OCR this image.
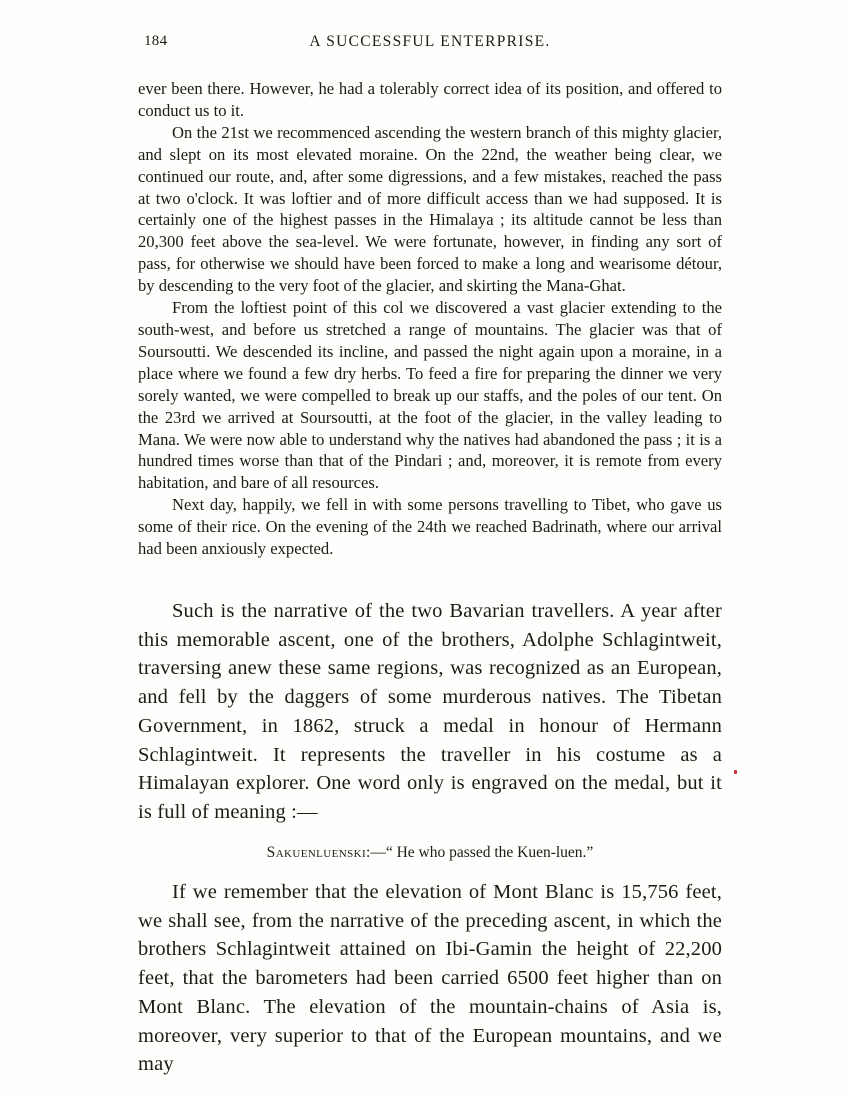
184	A SUCCESSFUL ENTERPRISE.

ever been there. However, he had a tolerably correct idea of its position, and offered to conduct us to it.

On the 21st we recommenced ascending the western branch of this mighty glacier, and slept on its most elevated moraine. On the 22nd, the weather being clear, we continued our route, and, after some digressions, and a few mistakes, reached the pass at two o'clock. It was loftier and of more difficult access than we had supposed. It is certainly one of the highest passes in the Himalaya ; its altitude cannot be less than 20,300 feet above the sea-level. We were fortunate, however, in finding any sort of pass, for otherwise we should have been forced to make a long and wearisome détour, by descending to the very foot of the glacier, and skirting the Mana-Ghat.

From the loftiest point of this col we discovered a vast glacier extending to the south-west, and before us stretched a range of mountains. The glacier was that of Soursoutti. We descended its incline, and passed the night again upon a moraine, in a place where we found a few dry herbs. To feed a fire for preparing the dinner we very sorely wanted, we were compelled to break up our staffs, and the poles of our tent. On the 23rd we arrived at Soursoutti, at the foot of the glacier, in the valley leading to Mana. We were now able to understand why the natives had abandoned the pass ; it is a hundred times worse than that of the Pindari ; and, moreover, it is remote from every habitation, and bare of all resources.

Next day, happily, we fell in with some persons travelling to Tibet, who gave us some of their rice. On the evening of the 24th we reached Badrinath, where our arrival had been anxiously expected.

Such is the narrative of the two Bavarian travellers. A year after this memorable ascent, one of the brothers, Adolphe Schlagintweit, traversing anew these same regions, was recognized as an European, and fell by the daggers of some murderous natives. The Tibetan Government, in 1862, struck a medal in honour of Hermann Schlagintweit. It represents the traveller in his costume as a Himalayan explorer. One word only is engraved on the medal, but it is full of meaning :—

Sakuenluenski:—“ He who passed the Kuen-luen.”

If we remember that the elevation of Mont Blanc is 15,756 feet, we shall see, from the narrative of the preceding ascent, in which the brothers Schlagintweit attained on Ibi-Gamin the height of 22,200 feet, that the barometers had been carried 6500 feet higher than on Mont Blanc. The elevation of the mountain-chains of Asia is, moreover, very superior to that of the European mountains, and we may
